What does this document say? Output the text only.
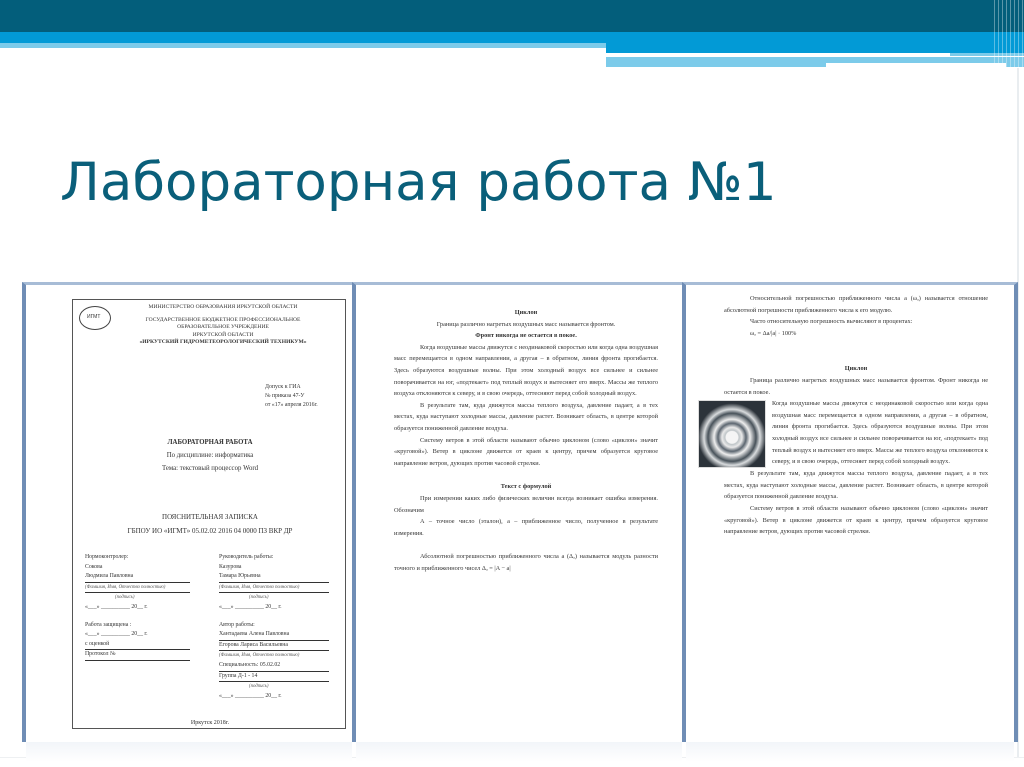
Лабораторная работа №1
ИГМТ
МИНИСТЕРСТВО ОБРАЗОВАНИЯ ИРКУТСКОЙ ОБЛАСТИ
ГОСУДАРСТВЕННОЕ БЮДЖЕТНОЕ ПРОФЕССИОНАЛЬНОЕ
ОБРАЗОВАТЕЛЬНОЕ УЧРЕЖДЕНИЕ
ИРКУТСКОЙ ОБЛАСТИ
«ИРКУТСКИЙ ГИДРОМЕТЕОРОЛОГИЧЕСКИЙ ТЕХНИКУМ»
Допуск к ГИА
№ приказа 47-У
от «17» апреля 2016г.
ЛАБОРАТОРНАЯ РАБОТА
По дисциплине: информатика
Тема: текстовый процессор Word
ПОЯСНИТЕЛЬНАЯ ЗАПИСКА
ГБПОУ ИО «ИГМТ» 05.02.02 2016 04 0000 ПЗ ВКР ДР
Нормоконтролер:
Сокова
Людмила Павловна
(Фамилия, Имя, Отчество полностью)
(подпись)
«___» __________ 20__ г.
Работа защищена :
«___» __________ 20__ г.
с оценкой
Протокол №
Руководитель работы:
Казурова
Тамара Юрьевна
(Фамилия, Имя, Отчество полностью)
(подпись)
«___» __________ 20__ г.
Автор работы:
Хантадаева Алена Павловна
Егорова Лариса Васильевна
(Фамилия, Имя, Отчество полностью)
Специальность: 05.02.02
Группа Д-1 - 14
(подпись)
«___» __________ 20__ г.
Иркутск 2018г.

Циклон

Граница различно нагретых воздушных масс называется фронтом.

Фронт никогда не остается в покое.

Когда воздушные массы движутся с неодинаковой скоростью или когда одна воздушная масс перемещается в одном направлении, а другая – в обратном, линия фронта прогибается. Здесь образуются воздушные волны. При этом холодный воздух все сильнее и сильнее поворачивается на юг, «подтекает» под теплый воздух и вытесняет его вверх. Массы же теплого воздуха отклоняются к северу, и в свою очередь, оттесняют перед собой холодный воздух.

В результате там, куда движутся массы теплого воздуха, давление падает, а в тех местах, куда наступают холодные массы, давление растет. Возникает область, в центре которой образуется пониженной давление воздуха.

Систему ветров в этой области называют обычно циклоном (слово «циклон» значит «круговой»). Ветер в циклоне движется от краев к центру, причем образуется круговое направление ветров, дующих против часовой стрелки.

Текст с формулой

При измерении каких либо физических величин всегда возникает ошибка измерения. Обозначим

А – точное число (эталон), а – приближенное число, полученное в результате измерения.

Абсолютной погрешностью приближенного числа а (Δₐ) называется модуль разности точного и приближенного чисел Δₐ = |A − a|

Относительной погрешностью приближенного числа а (ωₐ) называется отношение абсолютной погрешности приближенного числа к его модулю.

Часто относительную погрешность вычисляют в процентах:

ωₐ = Δa/|a| · 100%

Циклон

Граница различно нагретых воздушных масс называется фронтом. Фронт никогда не остается в покое.

Когда воздушные массы движутся с неодинаковой скоростью или когда одна воздушная масс перемещается в одном направлении, а другая – в обратном, линия фронта прогибается. Здесь образуются воздушные волны. При этом холодный воздух все сильнее и сильнее поворачивается на юг, «подтекает» под теплый воздух и вытесняет его вверх. Массы же теплого воздуха отклоняются к северу, и в свою очередь, оттесняет перед собой холодный воздух.

В результате там, куда движутся массы теплого воздуха, давление падает, а в тех местах, куда наступают холодные массы, давление растет. Возникает область, в центре которой образуется пониженной давление воздуха.

Систему ветров в этой области называют обычно циклоном (слово «циклон» значит «круговой»). Ветер в циклоне движется от краев к центру, причем образуется круговое направление ветров, дующих против часовой стрелки.
